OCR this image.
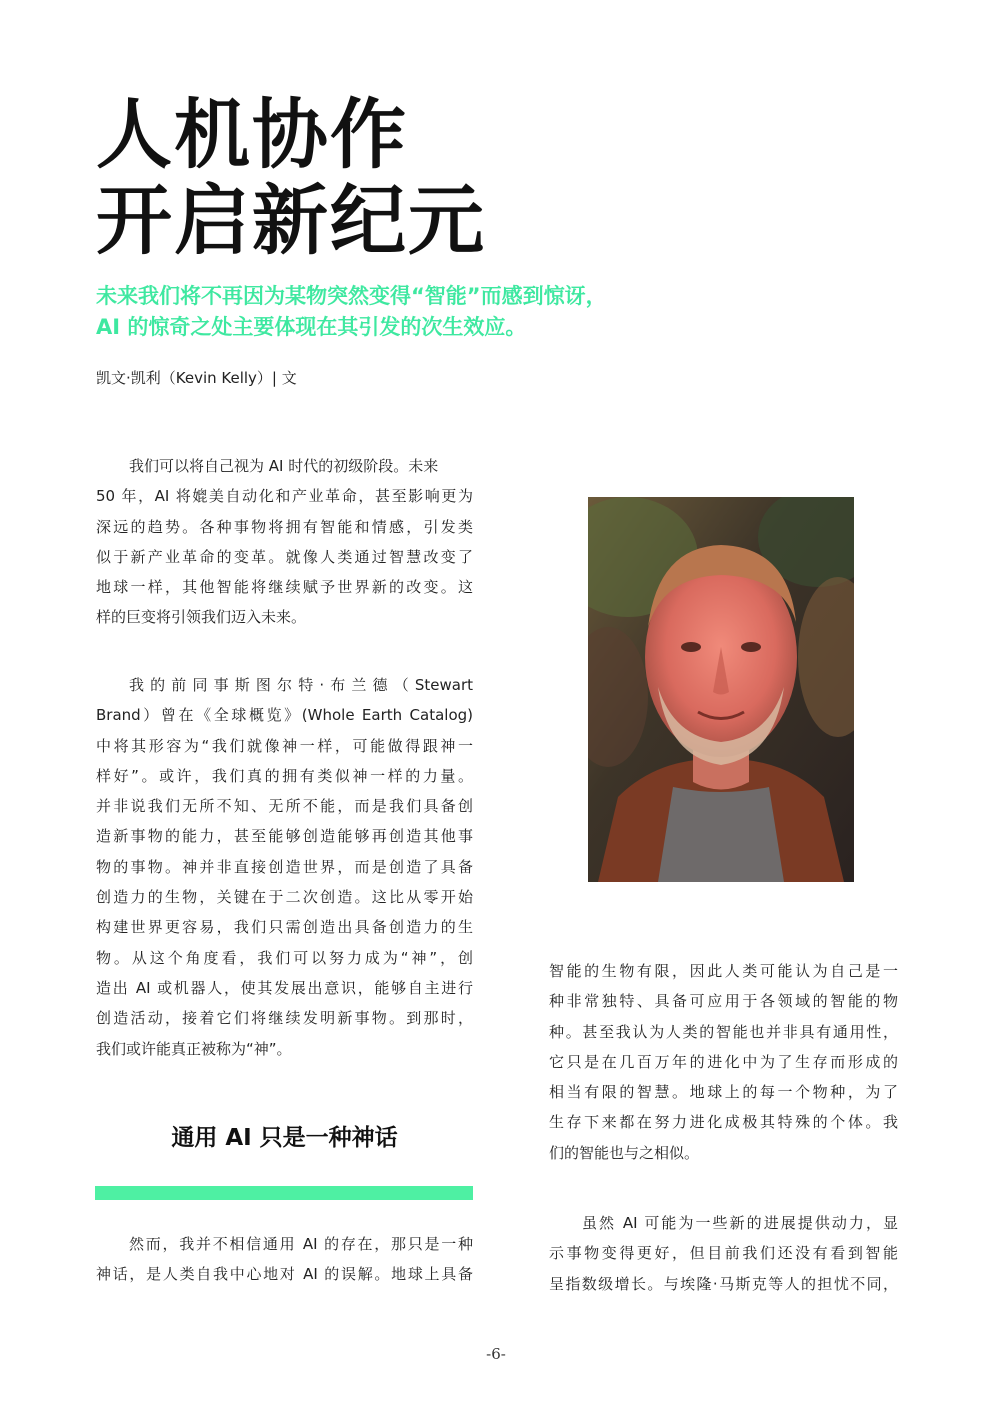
人机协作
开启新纪元

未来我们将不再因为某物突然变得“智能”而感到惊讶，
AI 的惊奇之处主要体现在其引发的次生效应。

凯文·凯利（Kevin Kelly）| 文

我们可以将自己视为 AI 时代的初级阶段。未来
50 年，AI 将媲美自动化和产业革命，甚至影响更为
深远的趋势。各种事物将拥有智能和情感，引发类
似于新产业革命的变革。就像人类通过智慧改变了
地球一样，其他智能将继续赋予世界新的改变。这
样的巨变将引领我们迈入未来。

我的前同事斯图尔特·布兰德（Stewart
Brand）曾在《全球概览》(Whole Earth Catalog)
中将其形容为“我们就像神一样，可能做得跟神一
样好”。或许，我们真的拥有类似神一样的力量。
并非说我们无所不知、无所不能，而是我们具备创
造新事物的能力，甚至能够创造能够再创造其他事
物的事物。神并非直接创造世界，而是创造了具备
创造力的生物，关键在于二次创造。这比从零开始
构建世界更容易，我们只需创造出具备创造力的生
物。从这个角度看，我们可以努力成为“神”，创
造出 AI 或机器人，使其发展出意识，能够自主进行
创造活动，接着它们将继续发明新事物。到那时，
我们或许能真正被称为“神”。

通用 AI 只是一种神话

然而，我并不相信通用 AI 的存在，那只是一种
神话，是人类自我中心地对 AI 的误解。地球上具备

智能的生物有限，因此人类可能认为自己是一
种非常独特、具备可应用于各领域的智能的物
种。甚至我认为人类的智能也并非具有通用性，
它只是在几百万年的进化中为了生存而形成的
相当有限的智慧。地球上的每一个物种，为了
生存下来都在努力进化成极其特殊的个体。我
们的智能也与之相似。

虽然 AI 可能为一些新的进展提供动力，显
示事物变得更好，但目前我们还没有看到智能
呈指数级增长。与埃隆·马斯克等人的担忧不同，

-6-
